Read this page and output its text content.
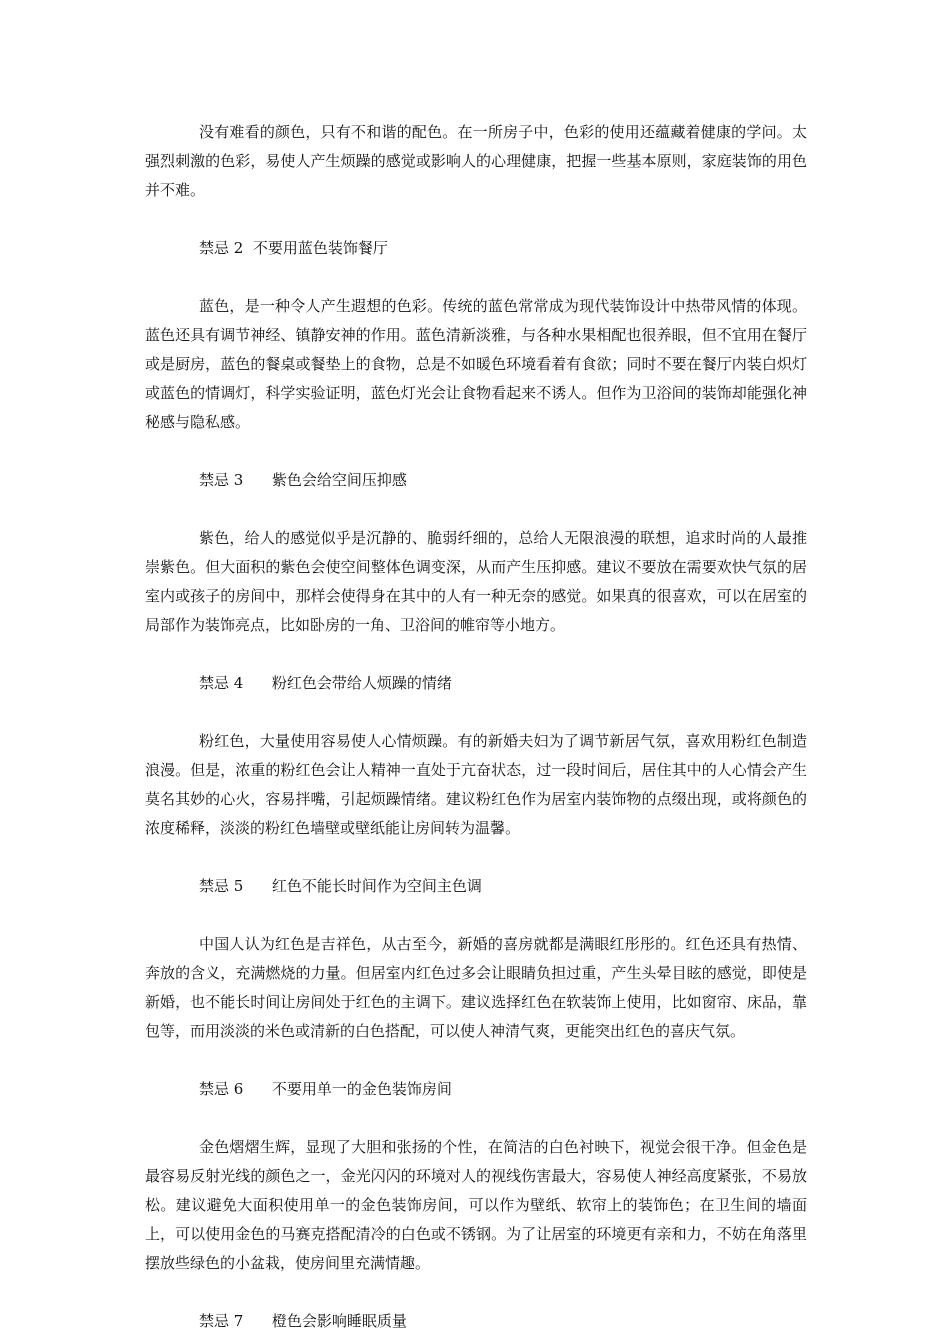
没有难看的颜色，只有不和谐的配色。在一所房子中，色彩的使用还蕴藏着健康的学问。太强烈刺激的色彩，易使人产生烦躁的感觉或影响人的心理健康，把握一些基本原则，家庭装饰的用色并不难。

禁忌 2  不要用蓝色装饰餐厅

蓝色，是一种令人产生遐想的色彩。传统的蓝色常常成为现代装饰设计中热带风情的体现。蓝色还具有调节神经、镇静安神的作用。蓝色清新淡雅，与各种水果相配也很养眼，但不宜用在餐厅或是厨房，蓝色的餐桌或餐垫上的食物，总是不如暖色环境看着有食欲；同时不要在餐厅内装白炽灯或蓝色的情调灯，科学实验证明，蓝色灯光会让食物看起来不诱人。但作为卫浴间的装饰却能强化神秘感与隐私感。

禁忌 3      紫色会给空间压抑感

紫色，给人的感觉似乎是沉静的、脆弱纤细的，总给人无限浪漫的联想，追求时尚的人最推崇紫色。但大面积的紫色会使空间整体色调变深，从而产生压抑感。建议不要放在需要欢快气氛的居室内或孩子的房间中，那样会使得身在其中的人有一种无奈的感觉。如果真的很喜欢，可以在居室的局部作为装饰亮点，比如卧房的一角、卫浴间的帷帘等小地方。

禁忌 4      粉红色会带给人烦躁的情绪

粉红色，大量使用容易使人心情烦躁。有的新婚夫妇为了调节新居气氛，喜欢用粉红色制造浪漫。但是，浓重的粉红色会让人精神一直处于亢奋状态，过一段时间后，居住其中的人心情会产生莫名其妙的心火，容易拌嘴，引起烦躁情绪。建议粉红色作为居室内装饰物的点缀出现，或将颜色的浓度稀释，淡淡的粉红色墙壁或壁纸能让房间转为温馨。

禁忌 5      红色不能长时间作为空间主色调

中国人认为红色是吉祥色，从古至今，新婚的喜房就都是满眼红彤彤的。红色还具有热情、奔放的含义，充满燃烧的力量。但居室内红色过多会让眼睛负担过重，产生头晕目眩的感觉，即使是新婚，也不能长时间让房间处于红色的主调下。建议选择红色在软装饰上使用，比如窗帘、床品，靠包等，而用淡淡的米色或清新的白色搭配，可以使人神清气爽，更能突出红色的喜庆气氛。

禁忌 6      不要用单一的金色装饰房间

金色熠熠生辉，显现了大胆和张扬的个性，在简洁的白色衬映下，视觉会很干净。但金色是最容易反射光线的颜色之一，金光闪闪的环境对人的视线伤害最大，容易使人神经高度紧张，不易放松。建议避免大面积使用单一的金色装饰房间，可以作为壁纸、软帘上的装饰色；在卫生间的墙面上，可以使用金色的马赛克搭配清冷的白色或不锈钢。为了让居室的环境更有亲和力，不妨在角落里摆放些绿色的小盆栽，使房间里充满情趣。

禁忌 7      橙色会影响睡眠质量
